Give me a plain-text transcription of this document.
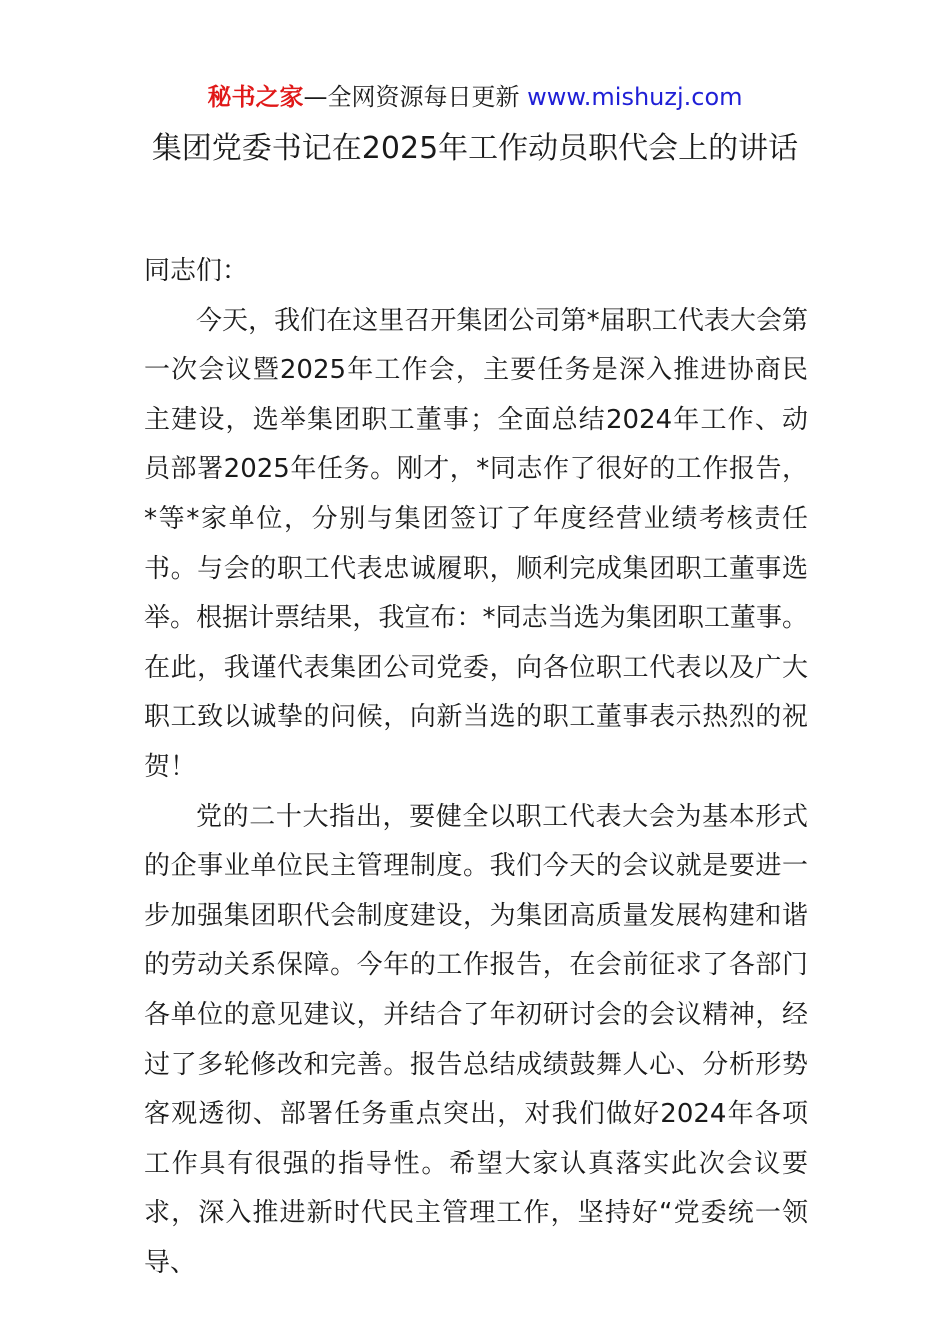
秘书之家—全网资源每日更新 www.mishuzj.com
集团党委书记在2025年工作动员职代会上的讲话

同志们：

今天，我们在这里召开集团公司第*届职工代表大会第一次会议暨2025年工作会，主要任务是深入推进协商民主建设，选举集团职工董事；全面总结2024年工作、动员部署2025年任务。刚才，*同志作了很好的工作报告，*等*家单位，分别与集团签订了年度经营业绩考核责任书。与会的职工代表忠诚履职，顺利完成集团职工董事选举。根据计票结果，我宣布：*同志当选为集团职工董事。在此，我谨代表集团公司党委，向各位职工代表以及广大职工致以诚挚的问候，向新当选的职工董事表示热烈的祝贺！

党的二十大指出，要健全以职工代表大会为基本形式的企事业单位民主管理制度。我们今天的会议就是要进一步加强集团职代会制度建设，为集团高质量发展构建和谐的劳动关系保障。今年的工作报告，在会前征求了各部门各单位的意见建议，并结合了年初研讨会的会议精神，经过了多轮修改和完善。报告总结成绩鼓舞人心、分析形势客观透彻、部署任务重点突出，对我们做好2024年各项工作具有很强的指导性。希望大家认真落实此次会议要求，深入推进新时代民主管理工作，坚持好“党委统一领导、
